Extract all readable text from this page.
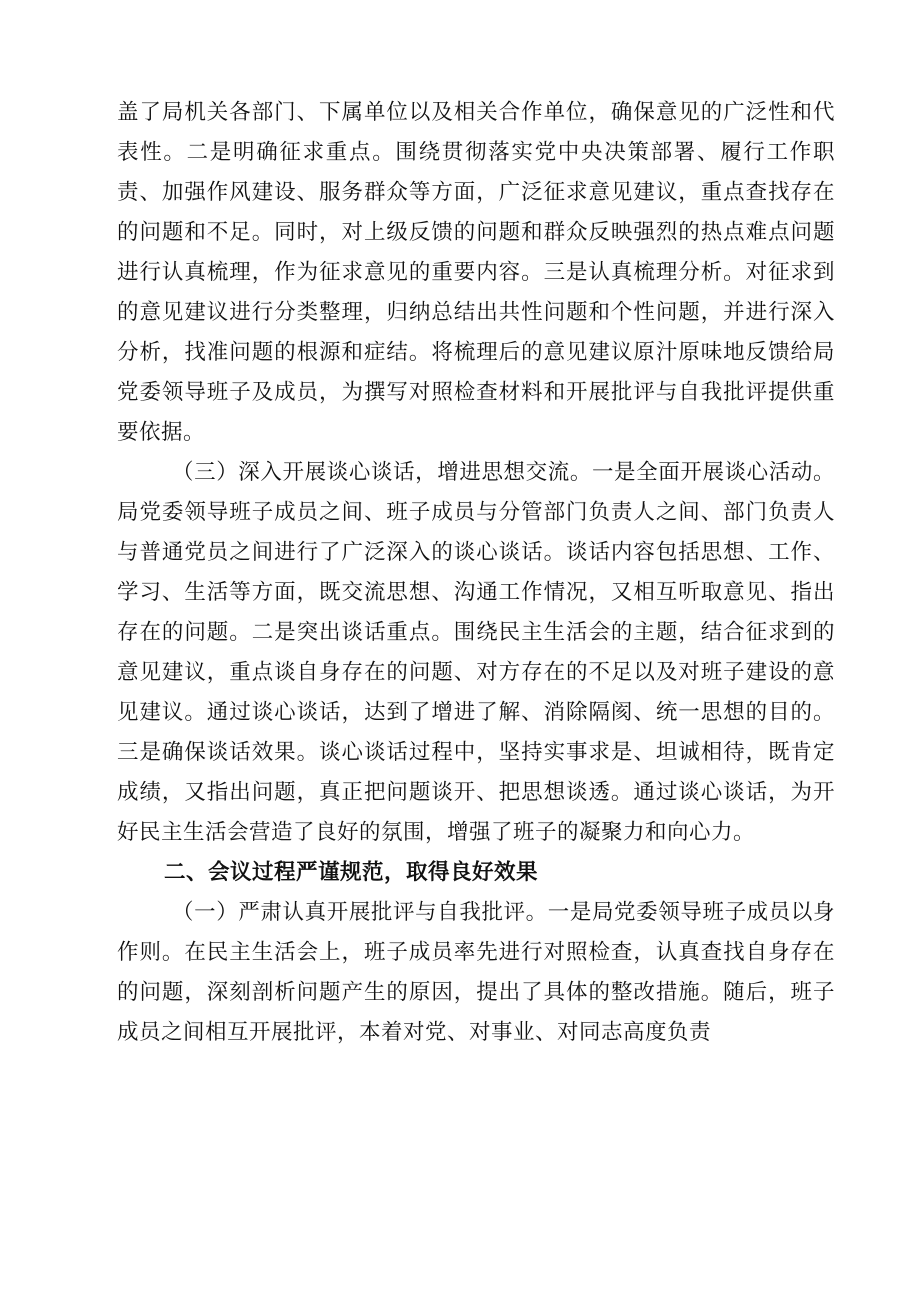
盖了局机关各部门、下属单位以及相关合作单位，确保意见的广泛性和代表性。二是明确征求重点。围绕贯彻落实党中央决策部署、履行工作职责、加强作风建设、服务群众等方面，广泛征求意见建议，重点查找存在的问题和不足。同时，对上级反馈的问题和群众反映强烈的热点难点问题进行认真梳理，作为征求意见的重要内容。三是认真梳理分析。对征求到的意见建议进行分类整理，归纳总结出共性问题和个性问题，并进行深入分析，找准问题的根源和症结。将梳理后的意见建议原汁原味地反馈给局党委领导班子及成员，为撰写对照检查材料和开展批评与自我批评提供重要依据。

（三）深入开展谈心谈话，增进思想交流。一是全面开展谈心活动。局党委领导班子成员之间、班子成员与分管部门负责人之间、部门负责人与普通党员之间进行了广泛深入的谈心谈话。谈话内容包括思想、工作、学习、生活等方面，既交流思想、沟通工作情况，又相互听取意见、指出存在的问题。二是突出谈话重点。围绕民主生活会的主题，结合征求到的意见建议，重点谈自身存在的问题、对方存在的不足以及对班子建设的意见建议。通过谈心谈话，达到了增进了解、消除隔阂、统一思想的目的。三是确保谈话效果。谈心谈话过程中，坚持实事求是、坦诚相待，既肯定成绩，又指出问题，真正把问题谈开、把思想谈透。通过谈心谈话，为开好民主生活会营造了良好的氛围，增强了班子的凝聚力和向心力。

二、会议过程严谨规范，取得良好效果

（一）严肃认真开展批评与自我批评。一是局党委领导班子成员以身作则。在民主生活会上，班子成员率先进行对照检查，认真查找自身存在的问题，深刻剖析问题产生的原因，提出了具体的整改措施。随后，班子成员之间相互开展批评，本着对党、对事业、对同志高度负责
